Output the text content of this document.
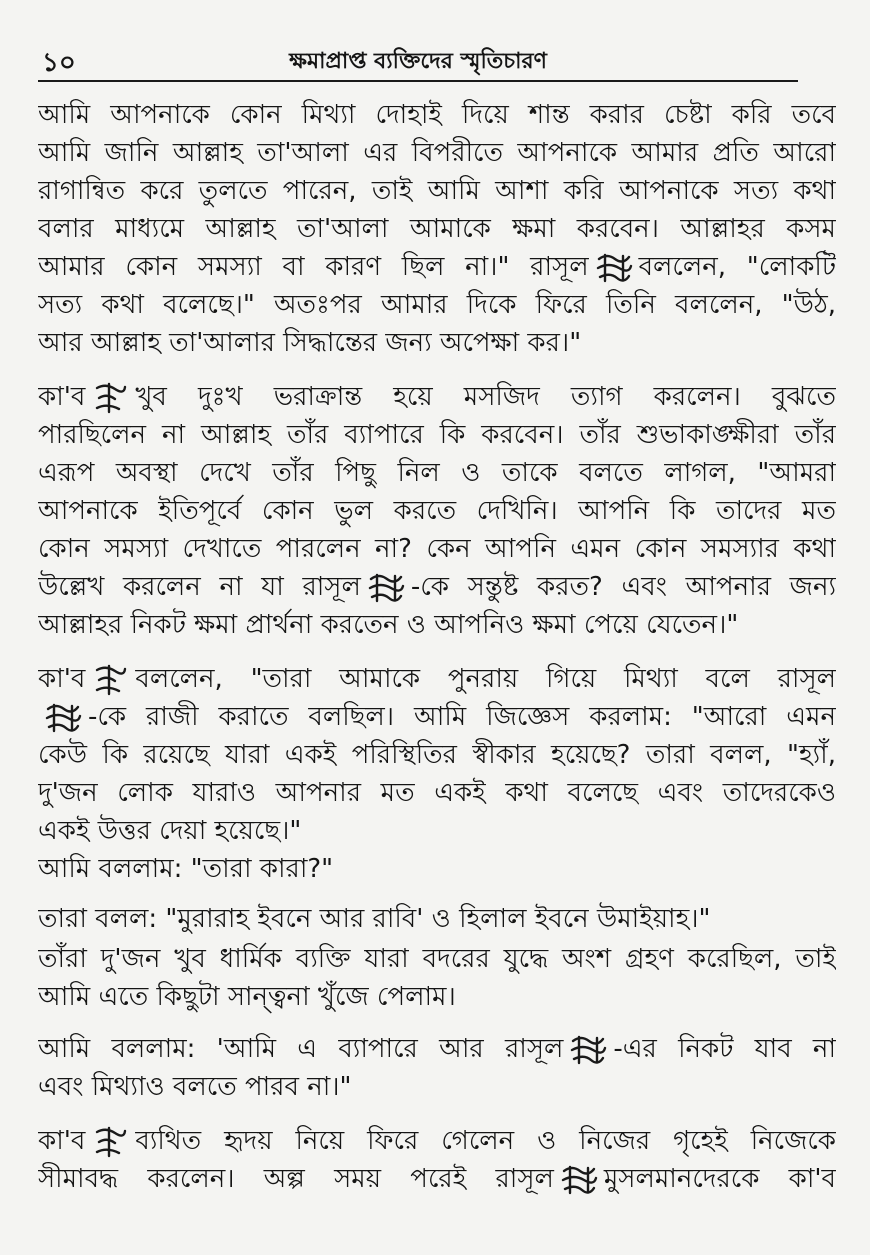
১০	ক্ষমাপ্রাপ্ত ব্যক্তিদের স্মৃতিচারণ
আমি আপনাকে কোন মিথ্যা দোহাই দিয়ে শান্ত করার চেষ্টা করি তবে
আমি জানি আল্লাহ তা'আলা এর বিপরীতে আপনাকে আমার প্রতি আরো
রাগান্বিত করে তুলতে পারেন, তাই আমি আশা করি আপনাকে সত্য কথা
বলার মাধ্যমে আল্লাহ তা'আলা আমাকে ক্ষমা করবেন। আল্লাহর কসম
আমার কোন সমস্যা বা কারণ ছিল না।" রাসূল বললেন, "লোকটি
সত্য কথা বলেছে।" অতঃপর আমার দিকে ফিরে তিনি বললেন, "উঠ,
আর আল্লাহ তা'আলার সিদ্ধান্তের জন্য অপেক্ষা কর।"
কা'ব খুব দুঃখ ভরাক্রান্ত হয়ে মসজিদ ত্যাগ করলেন। বুঝতে
পারছিলেন না আল্লাহ তাঁর ব্যাপারে কি করবেন। তাঁর শুভাকাঙ্ক্ষীরা তাঁর
এরূপ অবস্থা দেখে তাঁর পিছু নিল ও তাকে বলতে লাগল, "আমরা
আপনাকে ইতিপূর্বে কোন ভুল করতে দেখিনি। আপনি কি তাদের মত
কোন সমস্যা দেখাতে পারলেন না? কেন আপনি এমন কোন সমস্যার কথা
উল্লেখ করলেন না যা রাসূল -কে সন্তুষ্ট করত? এবং আপনার জন্য
আল্লাহর নিকট ক্ষমা প্রার্থনা করতেন ও আপনিও ক্ষমা পেয়ে যেতেন।"
কা'ব বললেন, "তারা আমাকে পুনরায় গিয়ে মিথ্যা বলে রাসূল
-কে রাজী করাতে বলছিল। আমি জিজ্ঞেস করলাম: "আরো এমন
কেউ কি রয়েছে যারা একই পরিস্থিতির স্বীকার হয়েছে? তারা বলল, "হ্যাঁ,
দু'জন লোক যারাও আপনার মত একই কথা বলেছে এবং তাদেরকেও
একই উত্তর দেয়া হয়েছে।"
আমি বললাম: "তারা কারা?"
তারা বলল: "মুরারাহ ইবনে আর রাবি' ও হিলাল ইবনে উমাইয়াহ।"
তাঁরা দু'জন খুব ধার্মিক ব্যক্তি যারা বদরের যুদ্ধে অংশ গ্রহণ করেছিল, তাই
আমি এতে কিছুটা সান্ত্বনা খুঁজে পেলাম।
আমি বললাম: 'আমি এ ব্যাপারে আর রাসূল -এর নিকট যাব না
এবং মিথ্যাও বলতে পারব না।"
কা'ব ব্যথিত হৃদয় নিয়ে ফিরে গেলেন ও নিজের গৃহেই নিজেকে
সীমাবদ্ধ করলেন। অল্প সময় পরেই রাসূল মুসলমানদেরকে কা'ব
